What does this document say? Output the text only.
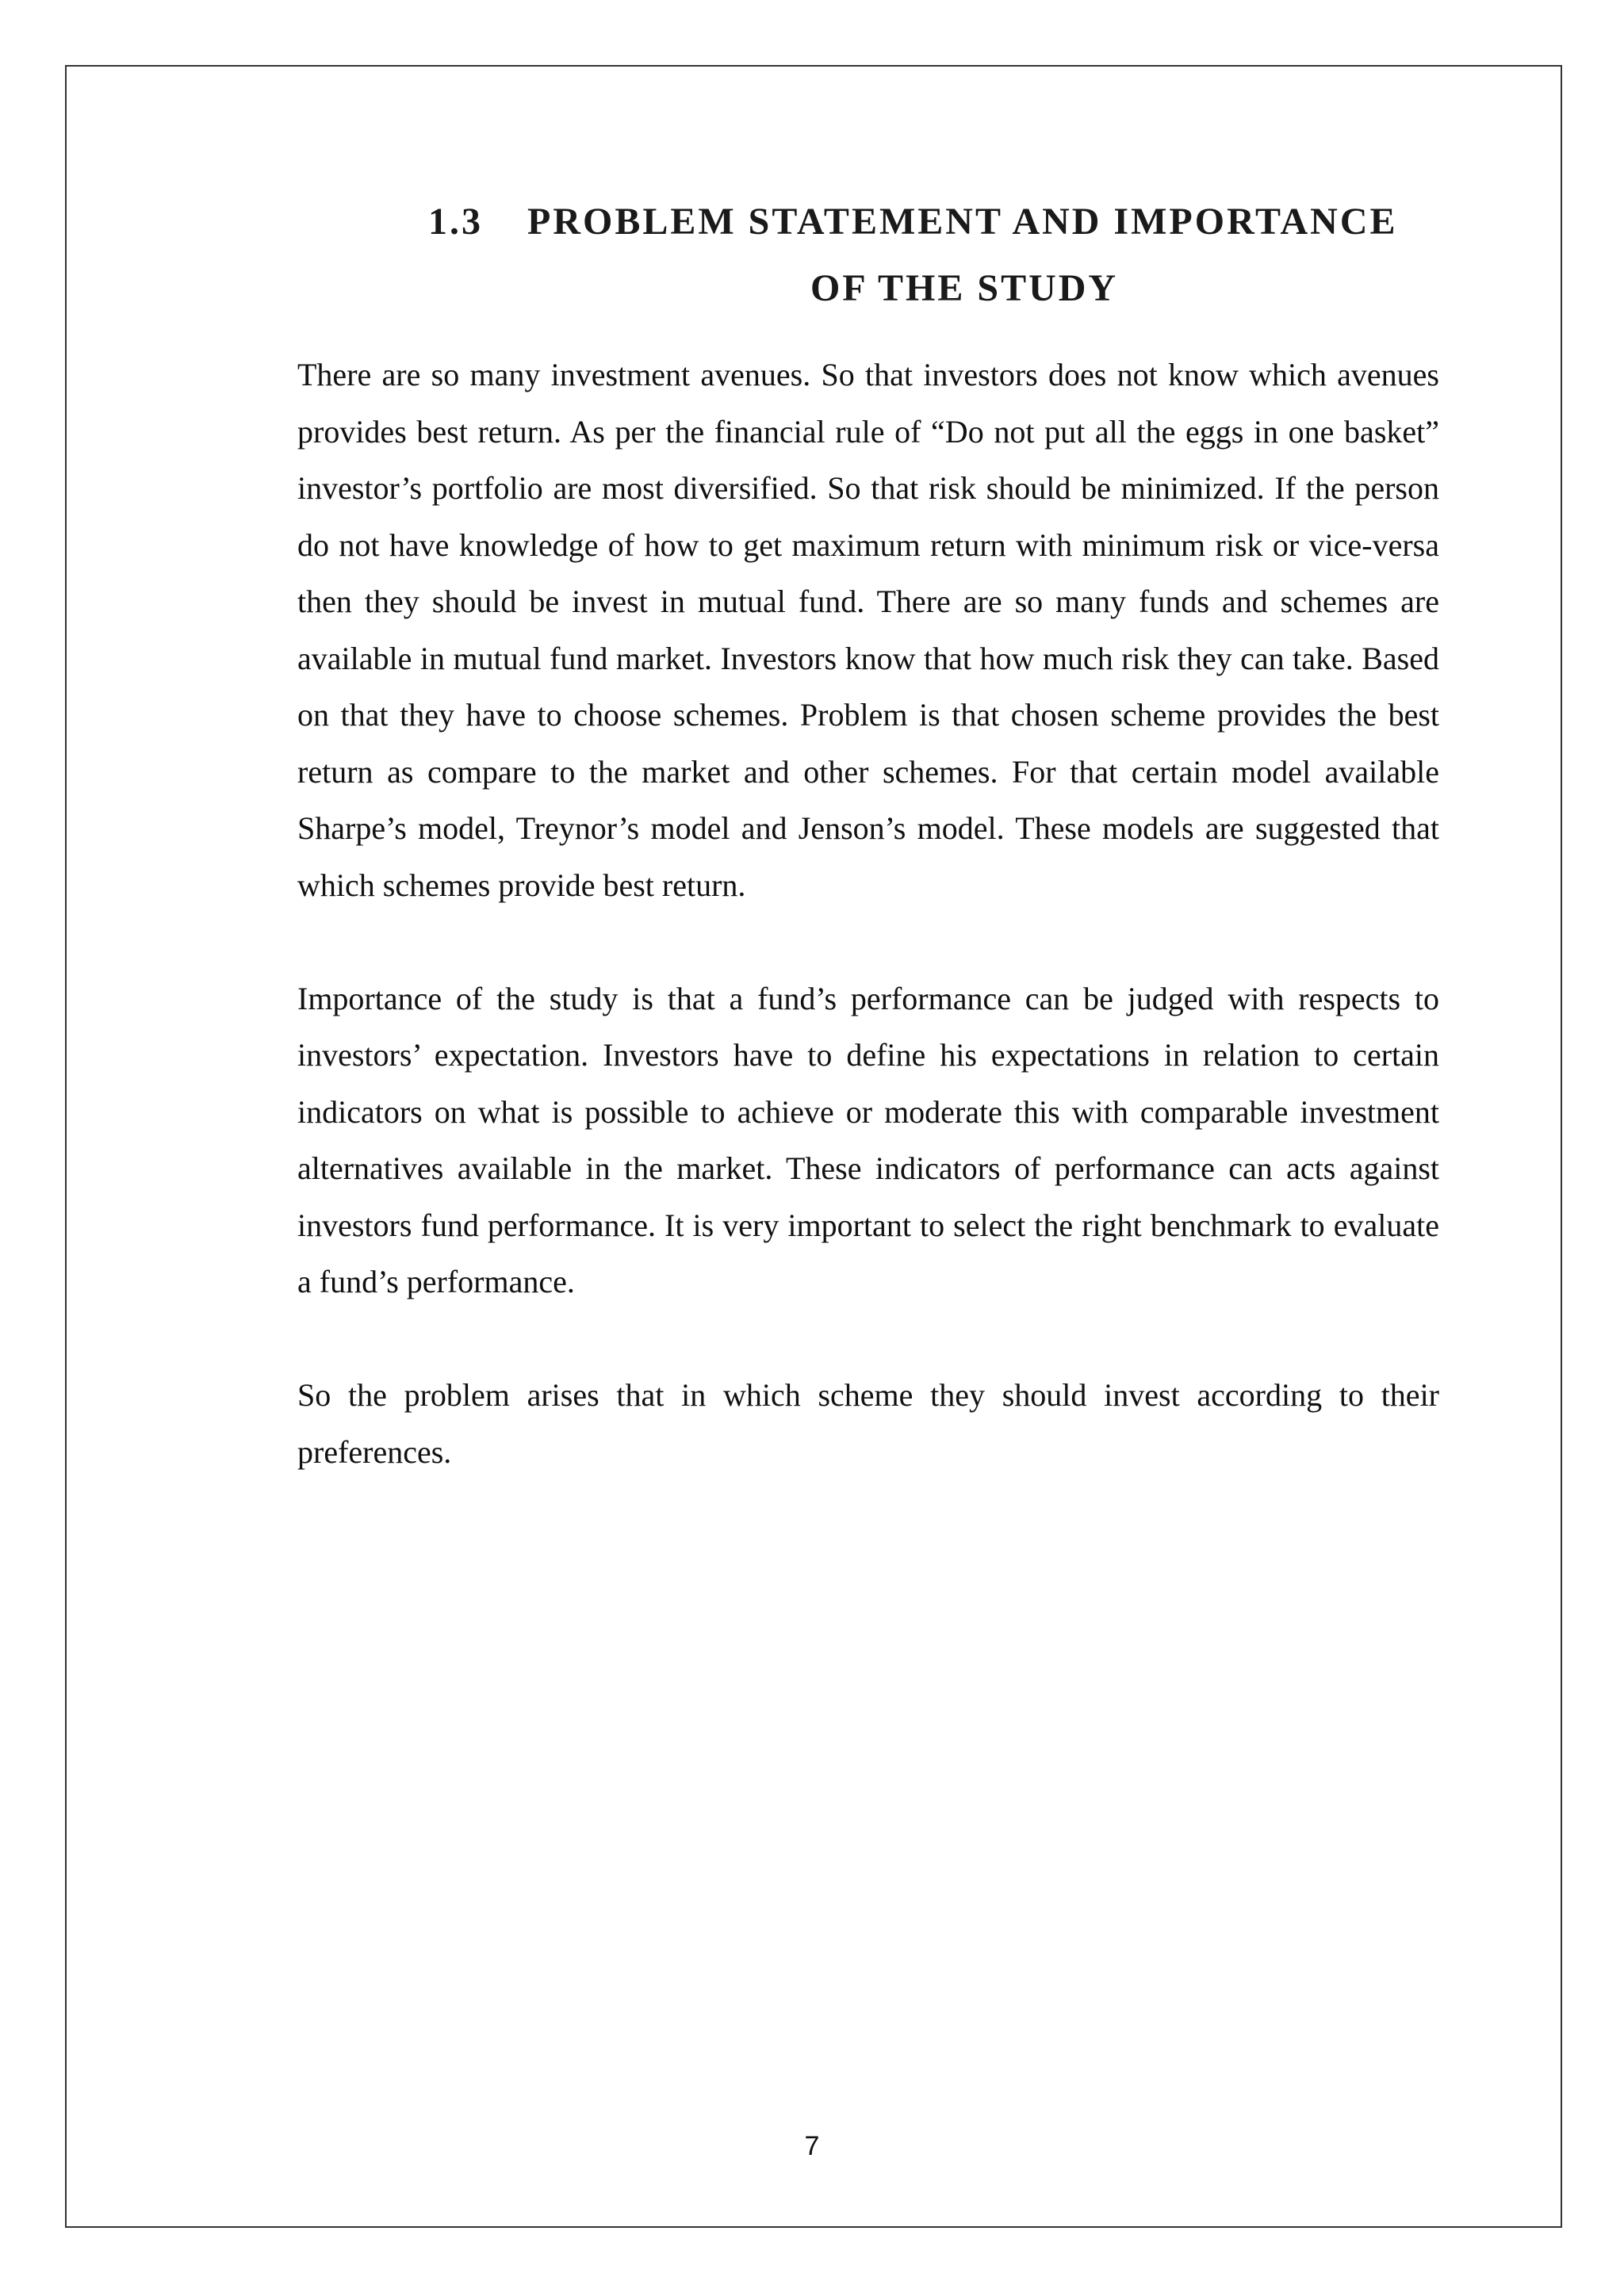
1.3 PROBLEM STATEMENT AND IMPORTANCE
OF THE STUDY

There are so many investment avenues. So that investors does not know which avenues provides best return. As per the financial rule of “Do not put all the eggs in one basket” investor’s portfolio are most diversified. So that risk should be minimized. If the person do not have knowledge of how to get maximum return with minimum risk or vice-versa then they should be invest in mutual fund. There are so many funds and schemes are available in mutual fund market. Investors know that how much risk they can take. Based on that they have to choose schemes. Problem is that chosen scheme provides the best return as compare to the market and other schemes. For that certain model available Sharpe’s model, Treynor’s model and Jenson’s model. These models are suggested that which schemes provide best return.

Importance of the study is that a fund’s performance can be judged with respects to investors’ expectation. Investors have to define his expectations in relation to certain indicators on what is possible to achieve or moderate this with comparable investment alternatives available in the market. These indicators of performance can acts against investors fund performance. It is very important to select the right benchmark to evaluate a fund’s performance.

So the problem arises that in which scheme they should invest according to their preferences.

7
